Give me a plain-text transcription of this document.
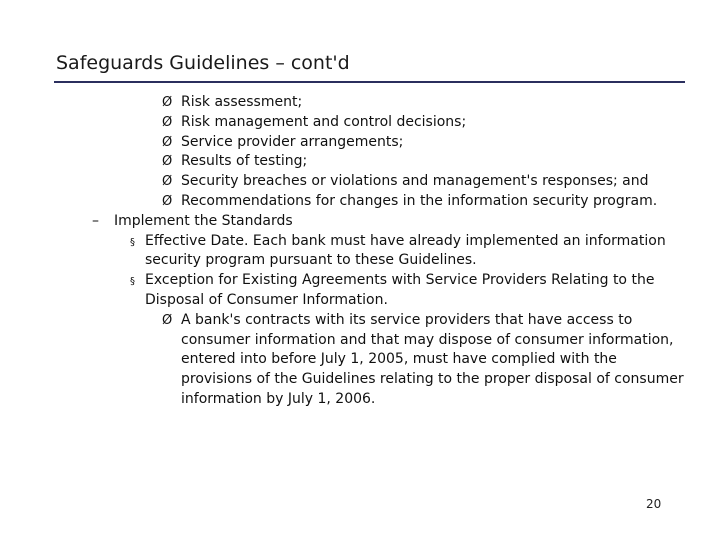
Safeguards Guidelines – cont'd
Ø Risk assessment;
Ø Risk management and control decisions;
Ø Service provider arrangements;
Ø Results of testing;
Ø Security breaches or violations and management's responses; and
Ø Recommendations for changes in the information security program.
– Implement the Standards
§ Effective Date. Each bank must have already implemented an information
security program pursuant to these Guidelines.
§ Exception for Existing Agreements with Service Providers Relating to the
Disposal of Consumer Information.
Ø A bank's contracts with its service providers that have access to
consumer information and that may dispose of consumer information,
entered into before July 1, 2005, must have complied with the
provisions of the Guidelines relating to the proper disposal of consumer
information by July 1, 2006.
20
